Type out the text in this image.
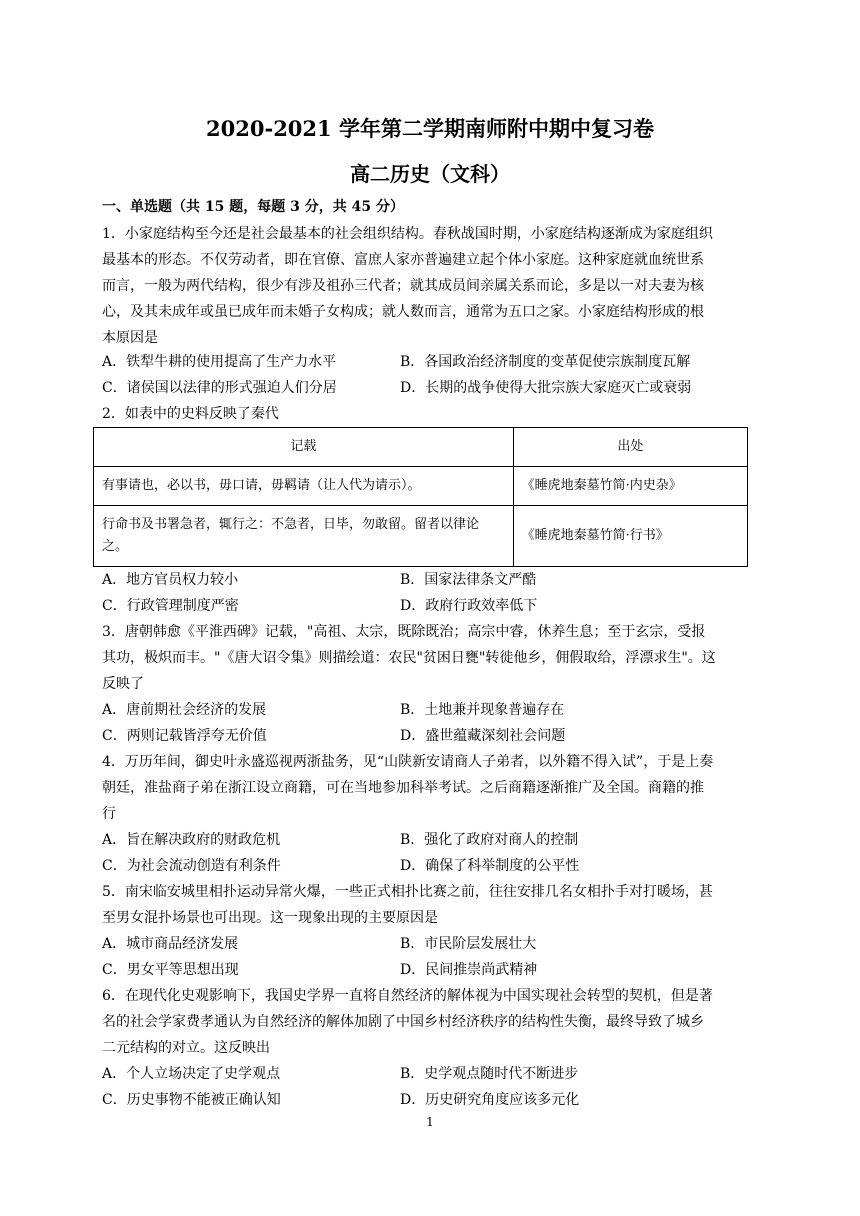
2020-2021 学年第二学期南师附中期中复习卷
高二历史（文科）
一、单选题（共 15 题，每题 3 分，共 45 分）
1．小家庭结构至今还是社会最基本的社会组织结构。春秋战国时期，小家庭结构逐渐成为家庭组织
最基本的形态。不仅劳动者，即在官僚、富庶人家亦普遍建立起个体小家庭。这种家庭就血统世系
而言，一般为两代结构，很少有涉及祖孙三代者；就其成员间亲属关系而论，多是以一对夫妻为核
心，及其未成年或虽已成年而未婚子女构成；就人数而言，通常为五口之家。小家庭结构形成的根
本原因是
A．铁犁牛耕的使用提高了生产力水平	B．各国政治经济制度的变革促使宗族制度瓦解
C．诸侯国以法律的形式强迫人们分居	D．长期的战争使得大批宗族大家庭灭亡或衰弱
2．如表中的史料反映了秦代
记载	出处
有事请也，必以书，毋口请，毋羁请（让人代为请示）。	《睡虎地秦墓竹简·内史杂》
行命书及书署急者，辄行之：不急者，日毕，勿敢留。留者以律论之。	《睡虎地秦墓竹简·行书》
A．地方官员权力较小	B．国家法律条文严酷
C．行政管理制度严密	D．政府行政效率低下
3．唐朝韩愈《平淮西碑》记载，"高祖、太宗，既除既治；高宗中睿，休养生息；至于玄宗，受报
其功，极炽而丰。"《唐大诏令集》则描绘道：农民"贫困日甕"转徙他乡，佣假取给，浮漂求生"。这
反映了
A．唐前期社会经济的发展	B．土地兼并现象普遍存在
C．两则记载皆浮夸无价值	D．盛世蕴藏深刻社会问题
4．万历年间，御史叶永盛巡视两浙盐务，见“山陕新安请商人子弟者，以外籍不得入试”，于是上奏
朝廷，准盐商子弟在浙江设立商籍，可在当地参加科举考试。之后商籍逐渐推广及全国。商籍的推
行
A．旨在解决政府的财政危机	B．强化了政府对商人的控制
C．为社会流动创造有利条件	D．确保了科举制度的公平性
5．南宋临安城里相扑运动异常火爆，一些正式相扑比赛之前，往往安排几名女相扑手对打暖场，甚
至男女混扑场景也可出现。这一现象出现的主要原因是
A．城市商品经济发展	B．市民阶层发展壮大
C．男女平等思想出现	D．民间推崇尚武精神
6．在现代化史观影响下，我国史学界一直将自然经济的解体视为中国实现社会转型的契机，但是著
名的社会学家费孝通认为自然经济的解体加剧了中国乡村经济秩序的结构性失衡，最终导致了城乡
二元结构的对立。这反映出
A．个人立场决定了史学观点	B．史学观点随时代不断进步
C．历史事物不能被正确认知	D．历史研究角度应该多元化
1
